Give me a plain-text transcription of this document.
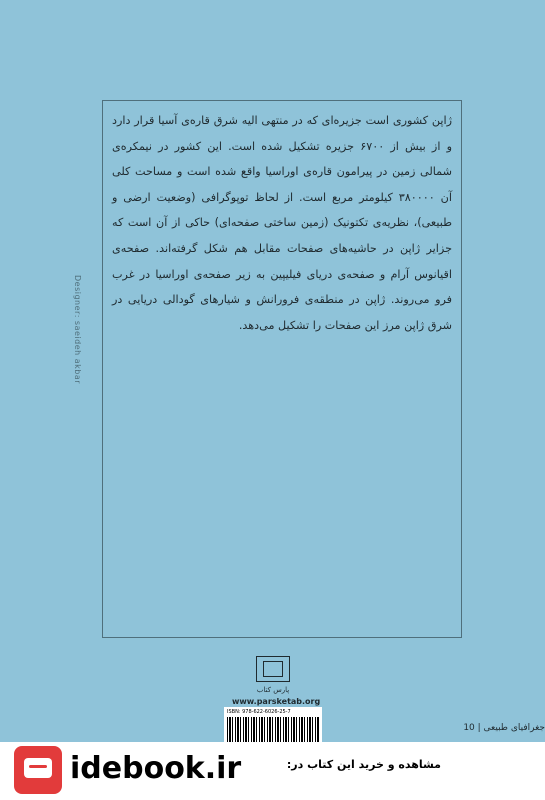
ژاپن کشوری است جزیره‌ای که در منتهی الیه شرق قاره‌ی آسیا قرار دارد و از بیش از ۶۷۰۰ جزیره تشکیل شده است. این کشور در نیمکره‌ی شمالی زمین در پیرامون قاره‌ی اوراسیا واقع شده است و مساحت کلی آن ۳۸۰۰۰۰ کیلومتر مربع است. از لحاظ توپوگرافی (وضعیت ارضی و طبیعی)، نظریه‌ی تکتونیک (زمین ساختی صفحه‌ای) حاکی از آن است که جزایر ژاپن در حاشیه‌های صفحات مقابل هم شکل گرفته‌اند. صفحه‌ی اقیانوس آرام و صفحه‌ی دریای فیلیپین به زیر صفحه‌ی اوراسیا در غرب فرو می‌روند. ژاپن در منطقه‌ی فرورانش و شیارهای گودالی دریایی در شرق ژاپن مرز این صفحات را تشکیل می‌دهد.

Designer: saeideh akbar
پارس کتاب
www.parsketab.org
ISBN: 978-622-6026-25-7
جغرافیای طبیعی | 10
idebook.ir	مشاهده و خرید این کتاب در:
